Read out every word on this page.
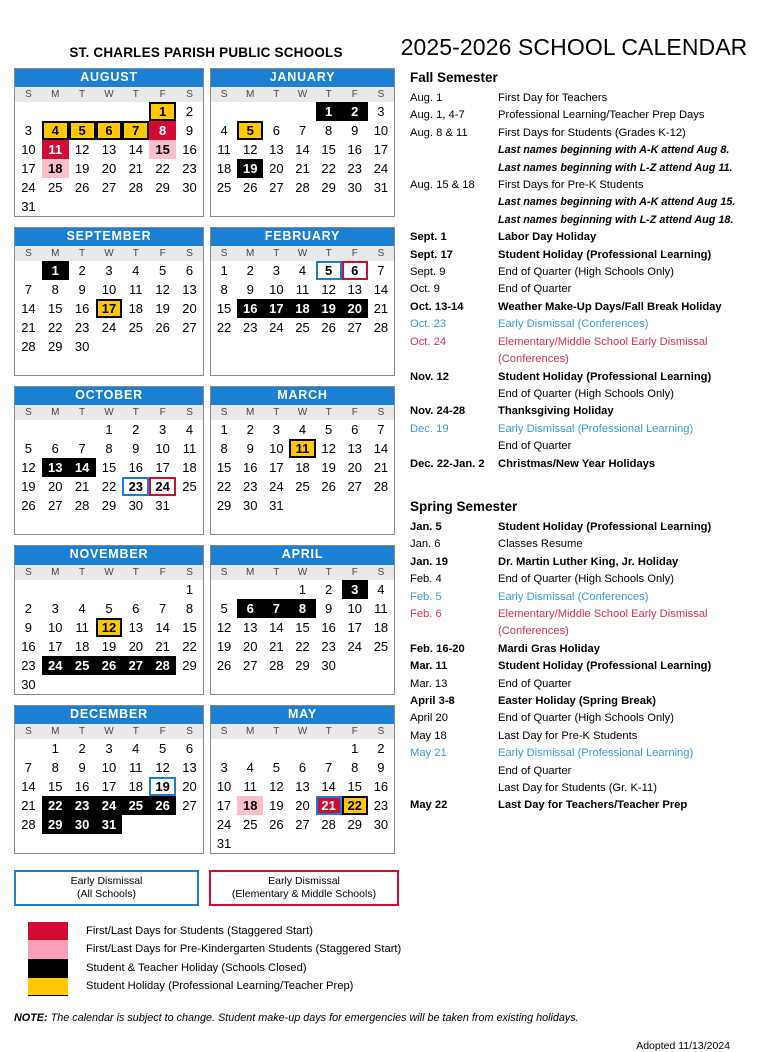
ST. CHARLES PARISH PUBLIC SCHOOLS	2025-2026 SCHOOL CALENDAR
AUGUST
S	M	T	W	T	F	S

					1	2

3	4	5	6	7	8	9

10	11	12	13	14	15	16

17	18	19	20	21	22	23

24	25	26	27	28	29	30

31						

SEPTEMBER
S	M	T	W	T	F	S

	1	2	3	4	5	6

7	8	9	10	11	12	13

14	15	16	17	18	19	20

21	22	23	24	25	26	27

28	29	30				

OCTOBER
S	M	T	W	T	F	S

			1	2	3	4

5	6	7	8	9	10	11

12	13	14	15	16	17	18

19	20	21	22	23	24	25

26	27	28	29	30	31	

NOVEMBER
S	M	T	W	T	F	S

						1

2	3	4	5	6	7	8

9	10	11	12	13	14	15

16	17	18	19	20	21	22

23	24	25	26	27	28	29

30						

DECEMBER
S	M	T	W	T	F	S

	1	2	3	4	5	6

7	8	9	10	11	12	13

14	15	16	17	18	19	20

21	22	23	24	25	26	27

28	29	30	31			

JANUARY
S	M	T	W	T	F	S

				1	2	3

4	5	6	7	8	9	10

11	12	13	14	15	16	17

18	19	20	21	22	23	24

25	26	27	28	29	30	31

FEBRUARY
S	M	T	W	T	F	S

1	2	3	4	5	6	7

8	9	10	11	12	13	14

15	16	17	18	19	20	21

22	23	24	25	26	27	28

MARCH
S	M	T	W	T	F	S

1	2	3	4	5	6	7

8	9	10	11	12	13	14

15	16	17	18	19	20	21

22	23	24	25	26	27	28

29	30	31				

APRIL
S	M	T	W	T	F	S

			1	2	3	4

5	6	7	8	9	10	11

12	13	14	15	16	17	18

19	20	21	22	23	24	25

26	27	28	29	30		

MAY
S	M	T	W	T	F	S

					1	2

3	4	5	6	7	8	9

10	11	12	13	14	15	16

17	18	19	20	21	22	23

24	25	26	27	28	29	30

31						

Fall Semester
Aug. 1	First Day for Teachers
Aug. 1, 4-7	Professional Learning/Teacher Prep Days
Aug. 8 & 11	First Days for Students (Grades K-12)
Last names beginning with A-K attend Aug 8.
Last names beginning with L-Z attend Aug 11.
Aug. 15 & 18	First Days for Pre-K Students
Last names beginning with A-K attend Aug 15.
Last names beginning with L-Z attend Aug 18.
Sept. 1	Labor Day Holiday
Sept. 17	Student Holiday (Professional Learning)
Sept. 9	End of Quarter (High Schools Only)
Oct. 9	End of Quarter
Oct. 13-14	Weather Make-Up Days/Fall Break Holiday
Oct. 23	Early Dismissal (Conferences)
Oct. 24	Elementary/Middle School Early Dismissal
(Conferences)
Nov. 12	Student Holiday (Professional Learning)
End of Quarter (High Schools Only)
Nov. 24-28	Thanksgiving Holiday
Dec. 19	Early Dismissal (Professional Learning)
End of Quarter
Dec. 22-Jan. 2	Christmas/New Year Holidays
Spring Semester
Jan. 5	Student Holiday (Professional Learning)
Jan. 6	Classes Resume
Jan. 19	Dr. Martin Luther King, Jr. Holiday
Feb. 4	End of Quarter (High Schools Only)
Feb. 5	Early Dismissal (Conferences)
Feb. 6	Elementary/Middle School Early Dismissal
(Conferences)
Feb. 16-20	Mardi Gras Holiday
Mar. 11	Student Holiday (Professional Learning)
Mar. 13	End of Quarter
April 3-8	Easter Holiday (Spring Break)
April 20	End of Quarter (High Schools Only)
May 18	Last Day for Pre-K Students
May 21	Early Dismissal (Professional Learning)
End of Quarter
Last Day for Students (Gr. K-11)
May 22	Last Day for Teachers/Teacher Prep
Early Dismissal
(All Schools)
Early Dismissal
(Elementary & Middle Schools)
First/Last Days for Students (Staggered Start)
First/Last Days for Pre-Kindergarten Students (Staggered Start)
Student & Teacher Holiday (Schools Closed)
Student Holiday (Professional Learning/Teacher Prep)
NOTE: The calendar is subject to change. Student make-up days for emergencies will be taken from existing holidays.
Adopted 11/13/2024
